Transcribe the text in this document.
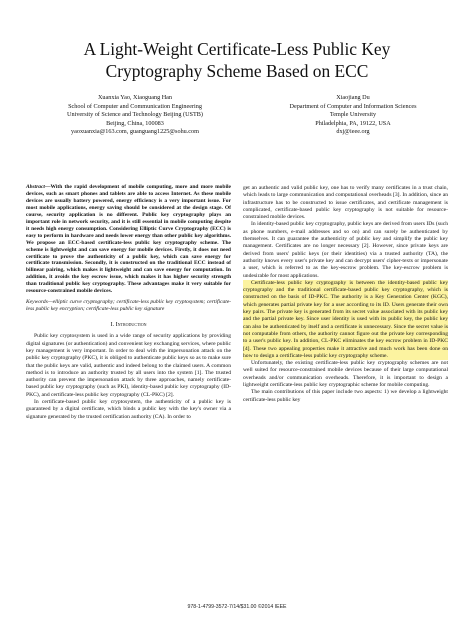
A Light-Weight Certificate-Less Public Key
Cryptography Scheme Based on ECC
Xuanxia Yao, Xiaoguang Han
School of Computer and Communication Engineering
University of Science and Technology Beijing (USTB)
Beijing, China, 100083
yaoxuanxia@163.com, guanguang1225@sohu.com
Xiaojiang Du
Department of Computer and Information Sciences
Temple University
Philadelphia, PA, 19122, USA
dxj@ieee.org

Abstract—With the rapid development of mobile computing, more and more mobile devices, such as smart phones and tablets are able to access Internet. As these mobile devices are usually battery powered, energy efficiency is a very important issue. For most mobile applications, energy saving should be considered at the design stage. Of course, security application is no different. Public key cryptography plays an important role in network security, and it is still essential in mobile computing despite it needs high energy consumption. Considering Elliptic Curve Cryptography (ECC) is easy to perform in hardware and needs lower energy than other public key algorithms. We propose an ECC-based certificate-less public key cryptography scheme. The scheme is lightweight and can save energy for mobile devices. Firstly, it does not need certificate to prove the authenticity of a public key, which can save energy for certificate transmission. Secondly, it is constructed on the traditional ECC instead of bilinear pairing, which makes it lightweight and can save energy for computation. In addition, it avoids the key escrow issue, which makes it has higher security strength than traditional public key cryptography. These advantages make it very suitable for resource-constrained mobile devices.

Keywords—elliptic curve cryptography; certificate-less public key cryptosystem; certificate-less public key encryption; certificate-less public key signature

I. Introduction

Public key cryptosystem is used in a wide range of security applications by providing digital signatures (or authentication) and convenient key exchanging services, where public key management is very important. In order to deal with the impersonation attack on the public key cryptography (PKC), it is obliged to authenticate public keys so as to make sure that the public keys are valid, authentic and indeed belong to the claimed users. A common method is to introduce an authority trusted by all users into the system [1]. The trusted authority can prevent the impersonation attack by three approaches, namely certificate-based public key cryptography (such as PKI), identity-based public key cryptography (ID-PKC), and certificate-less public key cryptography (CL-PKC) [2].

In certificate-based public key cryptosystem, the authenticity of a public key is guaranteed by a digital certificate, which binds a public key with the key's owner via a signature generated by the trusted certification authority (CA). In order to

get an authentic and valid public key, one has to verify many certificates in a trust chain, which leads to large communication and computational overheads [3]. In addition, since an infrastructure has to be constructed to issue certificates, and certificate management is complicated, certificate-based public key cryptography is not suitable for resource-constrained mobile devices.

In identity-based public key cryptography, public keys are derived from users IDs (such as phone numbers, e-mail addresses and so on) and can surely be authenticated by themselves. It can guarantee the authenticity of public key and simplify the public key management. Certificates are no longer necessary [2]. However, since private keys are derived from users' public keys (or their identities) via a trusted authority (TA), the authority knows every user's private key and can decrypt users' cipher-texts or impersonate a user, which is referred to as the key-escrow problem. The key-escrow problem is undesirable for most applications.

Certificate-less public key cryptography is between the identity-based public key cryptography and the traditional certificate-based public key cryptography, which is constructed on the basis of ID-PKC. The authority is a Key Generation Center (KGC), which generates partial private key for a user according to its ID. Users generate their own key pairs. The private key is generated from its secret value associated with its public key and the partial private key. Since user identity is used with its public key, the public key can also be authenticated by itself and a certificate is unnecessary. Since the secret value is not computable from others, the authority cannot figure out the private key corresponding to a user's public key. In addition, CL-PKC eliminates the key escrow problem in ID-PKC [4]. These two appealing properties make it attractive and much work has been done on how to design a certificate-less public key cryptography scheme.

Unfortunately, the existing certificate-less public key cryptography schemes are not well suited for resource-constrained mobile devices because of their large computational overheads and/or communication overheads. Therefore, it is important to design a lightweight certificate-less public key cryptographic scheme for mobile computing.

The main contributions of this paper include two aspects: 1) we develop a lightweight certificate-less public key

978-1-4799-3572-7/14/$31.00 ©2014 IEEE
